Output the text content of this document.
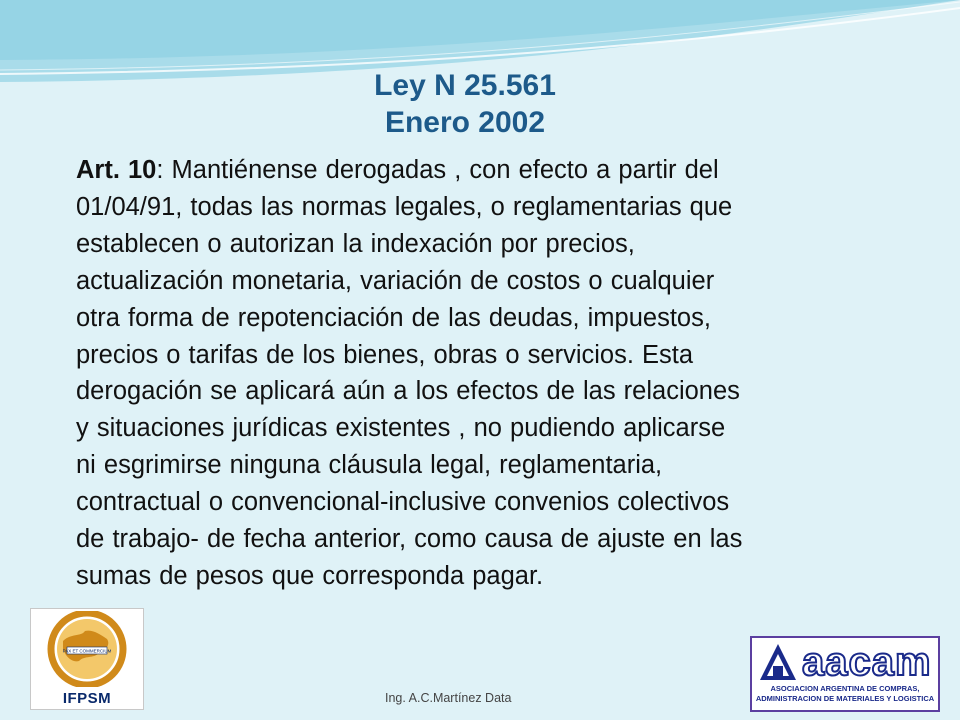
Ley N 25.561
Enero 2002
Art. 10: Mantiénense derogadas , con efecto a partir del
01/04/91, todas las normas legales, o reglamentarias que
establecen o autorizan la indexación por precios,
actualización monetaria, variación de costos o cualquier
otra forma de repotenciación de las deudas, impuestos,
precios o tarifas de los bienes, obras o servicios. Esta
derogación se aplicará aún a los efectos de las relaciones
y situaciones jurídicas existentes , no pudiendo aplicarse
ni esgrimirse ninguna cláusula legal, reglamentaria,
contractual o convencional-inclusive convenios colectivos
de trabajo- de fecha anterior, como causa de ajuste en las
sumas de pesos que corresponda pagar.
PAX ET COMMERCIUM
IFPSM	Ing. A.C.Martínez Data
aacam
ASOCIACION ARGENTINA DE COMPRAS,
ADMINISTRACION DE MATERIALES Y LOGISTICA
